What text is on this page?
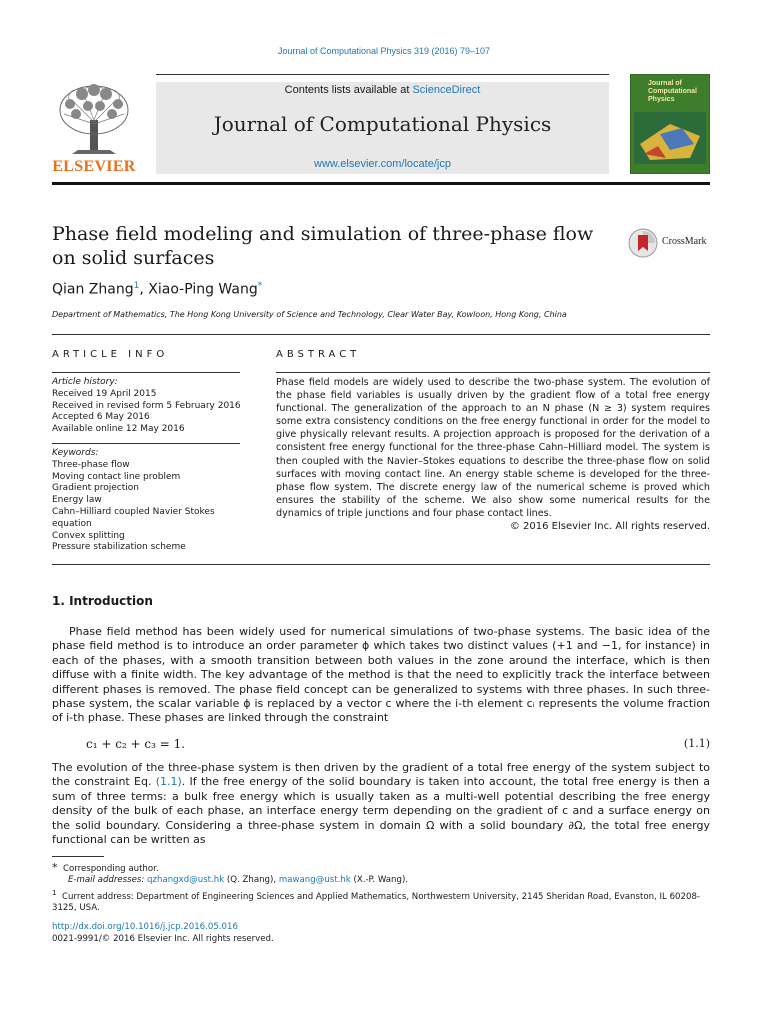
Journal of Computational Physics 319 (2016) 79–107
ELSEVIER
Contents lists available at ScienceDirect
Journal of Computational Physics
www.elsevier.com/locate/jcp
Journal of Computational Physics
Phase field modeling and simulation of three-phase flow on solid surfaces
CrossMark
Qian Zhang$^1$, Xiao-Ping Wang*
Department of Mathematics, The Hong Kong University of Science and Technology, Clear Water Bay, Kowloon, Hong Kong, China
ARTICLE INFO
Article history:
Received 19 April 2015
Received in revised form 5 February 2016
Accepted 6 May 2016
Available online 12 May 2016
Keywords:
Three-phase flow
Moving contact line problem
Gradient projection
Energy law
Cahn–Hilliard coupled Navier Stokes equation
Convex splitting
Pressure stabilization scheme
ABSTRACT
Phase field models are widely used to describe the two-phase system. The evolution of the phase field variables is usually driven by the gradient flow of a total free energy functional. The generalization of the approach to an N phase (N ≥ 3) system requires some extra consistency conditions on the free energy functional in order for the model to give physically relevant results. A projection approach is proposed for the derivation of a consistent free energy functional for the three-phase Cahn–Hilliard model. The system is then coupled with the Navier–Stokes equations to describe the three-phase flow on solid surfaces with moving contact line. An energy stable scheme is developed for the three-phase flow system. The discrete energy law of the numerical scheme is proved which ensures the stability of the scheme. We also show some numerical results for the dynamics of triple junctions and four phase contact lines.
© 2016 Elsevier Inc. All rights reserved.
1. Introduction
Phase field method has been widely used for numerical simulations of two-phase systems. The basic idea of the phase field method is to introduce an order parameter ϕ which takes two distinct values (+1 and −1, for instance) in each of the phases, with a smooth transition between both values in the zone around the interface, which is then diffuse with a finite width. The key advantage of the method is that the need to explicitly track the interface between different phases is removed. The phase field concept can be generalized to systems with three phases. In such three-phase system, the scalar variable ϕ is replaced by a vector c where the i-th element cᵢ represents the volume fraction of i-th phase. These phases are linked through the constraint
c₁ + c₂ + c₃ = 1.	(1.1)
The evolution of the three-phase system is then driven by the gradient of a total free energy of the system subject to the constraint Eq. (1.1). If the free energy of the solid boundary is taken into account, the total free energy is then a sum of three terms: a bulk free energy which is usually taken as a multi-well potential describing the free energy density of the bulk of each phase, an interface energy term depending on the gradient of c and a surface energy on the solid boundary. Considering a three-phase system in domain Ω with a solid boundary ∂Ω, the total free energy functional can be written as
* Corresponding author.
E-mail addresses: qzhangxd@ust.hk (Q. Zhang), mawang@ust.hk (X.-P. Wang).
$^1$ Current address: Department of Engineering Sciences and Applied Mathematics, Northwestern University, 2145 Sheridan Road, Evanston, IL 60208-3125, USA.
http://dx.doi.org/10.1016/j.jcp.2016.05.016
0021-9991/© 2016 Elsevier Inc. All rights reserved.
